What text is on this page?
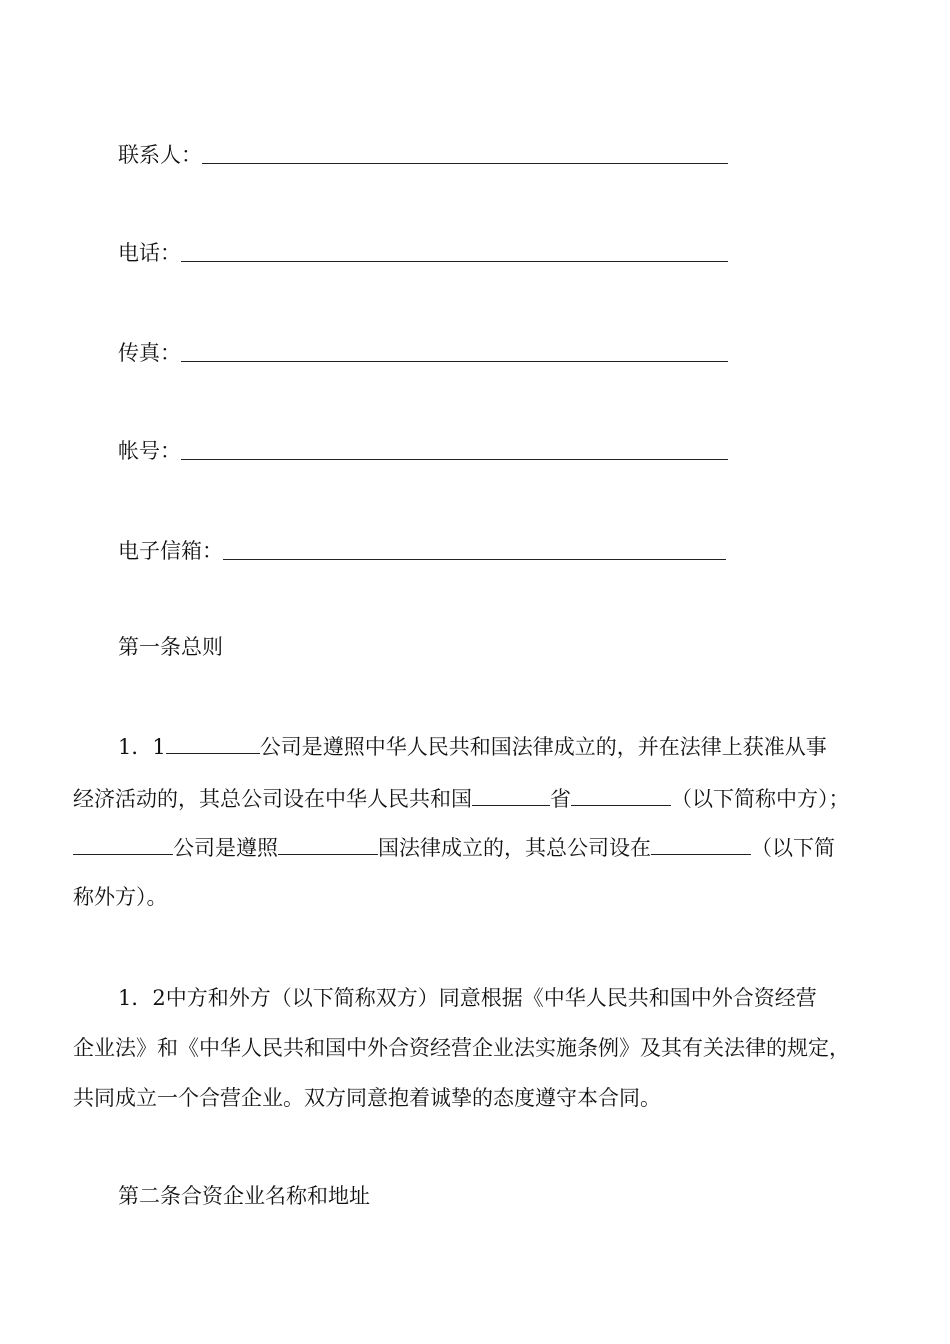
联系人：
电话：
传真：
帐号：
电子信箱：
第一条总则
1．1	公司是遵照中华人民共和国法律成立的，并在法律上获准从事
经济活动的，其总公司设在中华人民共和国	省	（以下简称中方）；
公司是遵照	国法律成立的，其总公司设在	（以下简
称外方）。
1．2中方和外方（以下简称双方）同意根据《中华人民共和国中外合资经营
企业法》和《中华人民共和国中外合资经营企业法实施条例》及其有关法律的规定，
共同成立一个合营企业。双方同意抱着诚挚的态度遵守本合同。
第二条合资企业名称和地址
